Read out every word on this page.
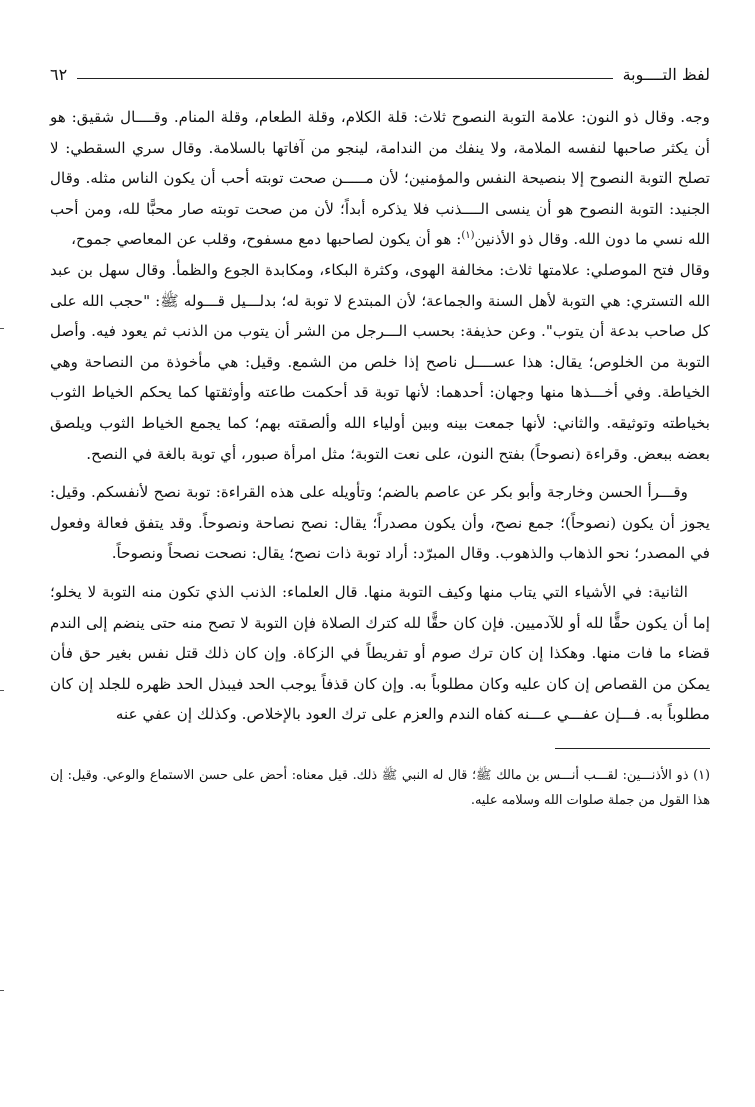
لفظ التــــوبة
٦٢

وجه. وقال ذو النون: علامة التوبة النصوح ثلاث: قلة الكلام، وقلة الطعام، وقلة المنام. وقــــال شقيق: هو أن يكثر صاحبها لنفسه الملامة، ولا ينفك من الندامة، لينجو من آفاتها بالسلامة. وقال سري السقطي: لا تصلح التوبة النصوح إلا بنصيحة النفس والمؤمنين؛ لأن مـــــن صحت توبته أحب أن يكون الناس مثله. وقال الجنيد: التوبة النصوح هو أن ينسى الــــذنب فلا يذكره أبداً؛ لأن من صحت توبته صار محبًّا لله، ومن أحب الله نسي ما دون الله. وقال ذو الأذنين$^{(١)}$: هو أن يكون لصاحبها دمع مسفوح، وقلب عن المعاصي جموح،

وقال فتح الموصلي: علامتها ثلاث: مخالفة الهوى، وكثرة البكاء، ومكابدة الجوع والظمأ. وقال سهل بن عبد الله التستري: هي التوبة لأهل السنة والجماعة؛ لأن المبتدع لا توبة له؛ بدلـــيل قـــوله ﷺ: "حجب الله على كل صاحب بدعة أن يتوب". وعن حذيفة: بحسب الـــرجل من الشر أن يتوب من الذنب ثم يعود فيه. وأصل التوبة من الخلوص؛ يقال: هذا عســــل ناصح إذا خلص من الشمع. وقيل: هي مأخوذة من النصاحة وهي الخياطة. وفي أخـــذها منها وجهان: أحدهما: لأنها توبة قد أحكمت طاعته وأوثقتها كما يحكم الخياط الثوب بخياطته وتوثيقه. والثاني: لأنها جمعت بينه وبين أولياء الله وألصقته بهم؛ كما يجمع الخياط الثوب ويلصق بعضه ببعض. وقراءة (نصوحاً) بفتح النون، على نعت التوبة؛ مثل امرأة صبور، أي توبة بالغة في النصح.

وقـــرأ الحسن وخارجة وأبو بكر عن عاصم بالضم؛ وتأويله على هذه القراءة: توبة نصح لأنفسكم. وقيل: يجوز أن يكون (نصوحاً)؛ جمع نصح، وأن يكون مصدراً؛ يقال: نصح نصاحة ونصوحاً. وقد يتفق فعالة وفعول في المصدر؛ نحو الذهاب والذهوب. وقال المبرّد: أراد توبة ذات نصح؛ يقال: نصحت نصحاً ونصوحاً.

الثانية: في الأشياء التي يتاب منها وكيف التوبة منها. قال العلماء: الذنب الذي تكون منه التوبة لا يخلو؛ إما أن يكون حقًّا لله أو للآدميين. فإن كان حقًّا لله كترك الصلاة فإن التوبة لا تصح منه حتى ينضم إلى الندم قضاء ما فات منها. وهكذا إن كان ترك صوم أو تفريطاً في الزكاة. وإن كان ذلك قتل نفس بغير حق فأن يمكن من القصاص إن كان عليه وكان مطلوباً به. وإن كان قذفاً يوجب الحد فيبذل الحد ظهره للجلد إن كان مطلوباً به. فـــإن عفـــي عـــنه كفاه الندم والعزم على ترك العود بالإخلاص. وكذلك إن عفي عنه

(١) ذو الأذنـــين: لقـــب أنـــس بن مالك ﷺ؛ قال له النبي ﷺ ذلك. قيل معناه: أحض على حسن الاستماع والوعي. وقيل: إن هذا القول من جملة صلوات الله وسلامه عليه.
